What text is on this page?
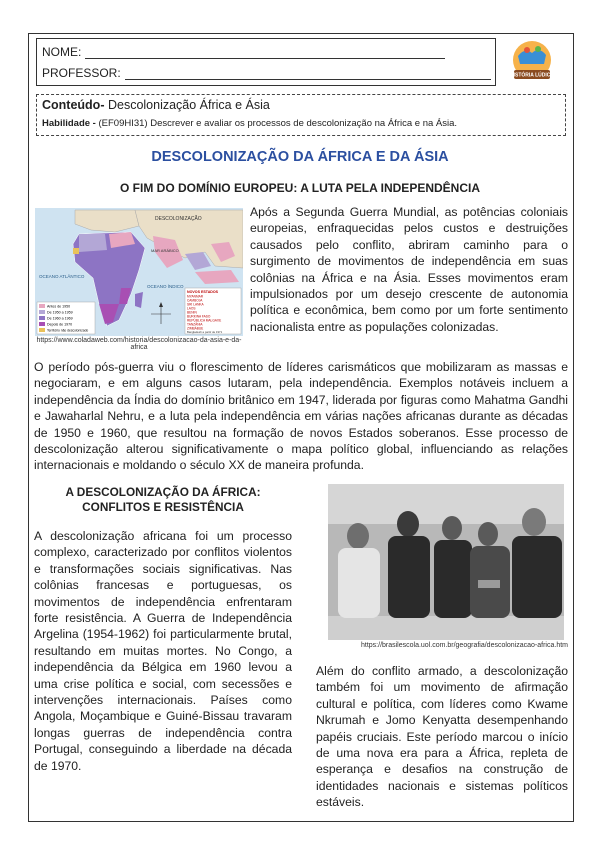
NOME:
PROFESSOR:	HISTÓRIA LÚDICA
Conteúdo- Descolonização África e Ásia
Habilidade - (EF09HI31) Descrever e avaliar os processos de descolonização na África e na Ásia.
DESCOLONIZAÇÃO DA ÁFRICA E DA ÁSIA
O FIM DO DOMÍNIO EUROPEU: A LUTA PELA INDEPENDÊNCIA
DESCOLONIZAÇÃO
MAR ARÁBICO
OCEANO ATLÂNTICO
OCEANO ÍNDICO
Antes de 1950
De 1950 a 1959
De 1960 a 1969
Depois de 1970
Território não descolonizado
NOVOS ESTADOS
MYANMAR
CAMBOJA
SRI LANKA
LAOS
BENIN
BURKINA FASO
REPÚBLICA MALGAXE
TANZÂNIA
ZIMBÁBUE
Bangladesh a partir de 1971
https://www.coladaweb.com/historia/descolonizacao-da-asia-e-da-africa
Após a Segunda Guerra Mundial, as potências coloniais europeias, enfraquecidas pelos custos e destruições causados pelo conflito, abriram caminho para o surgimento de movimentos de independência em suas colônias na África e na Ásia. Esses movimentos eram impulsionados por um desejo crescente de autonomia política e econômica, bem como por um forte sentimento nacionalista entre as populações colonizadas.
O período pós-guerra viu o florescimento de líderes carismáticos que mobilizaram as massas e negociaram, e em alguns casos lutaram, pela independência. Exemplos notáveis incluem a independência da Índia do domínio britânico em 1947, liderada por figuras como Mahatma Gandhi e Jawaharlal Nehru, e a luta pela independência em várias nações africanas durante as décadas de 1950 e 1960, que resultou na formação de novos Estados soberanos. Esse processo de descolonização alterou significativamente o mapa político global, influenciando as relações internacionais e moldando o século XX de maneira profunda.
A DESCOLONIZAÇÃO DA ÁFRICA:
CONFLITOS E RESISTÊNCIA
A descolonização africana foi um processo complexo, caracterizado por conflitos violentos e transformações sociais significativas. Nas colônias francesas e portuguesas, os movimentos de independência enfrentaram forte resistência. A Guerra de Independência Argelina (1954-1962) foi particularmente brutal, resultando em muitas mortes. No Congo, a independência da Bélgica em 1960 levou a uma crise política e social, com secessões e intervenções internacionais. Países como Angola, Moçambique e Guiné-Bissau travaram longas guerras de independência contra Portugal, conseguindo a liberdade na década de 1970.
https://brasilescola.uol.com.br/geografia/descolonizacao-africa.htm
Além do conflito armado, a descolonização também foi um movimento de afirmação cultural e política, com líderes como Kwame Nkrumah e Jomo Kenyatta desempenhando papéis cruciais. Este período marcou o início de uma nova era para a África, repleta de esperança e desafios na construção de identidades nacionais e sistemas políticos estáveis.
